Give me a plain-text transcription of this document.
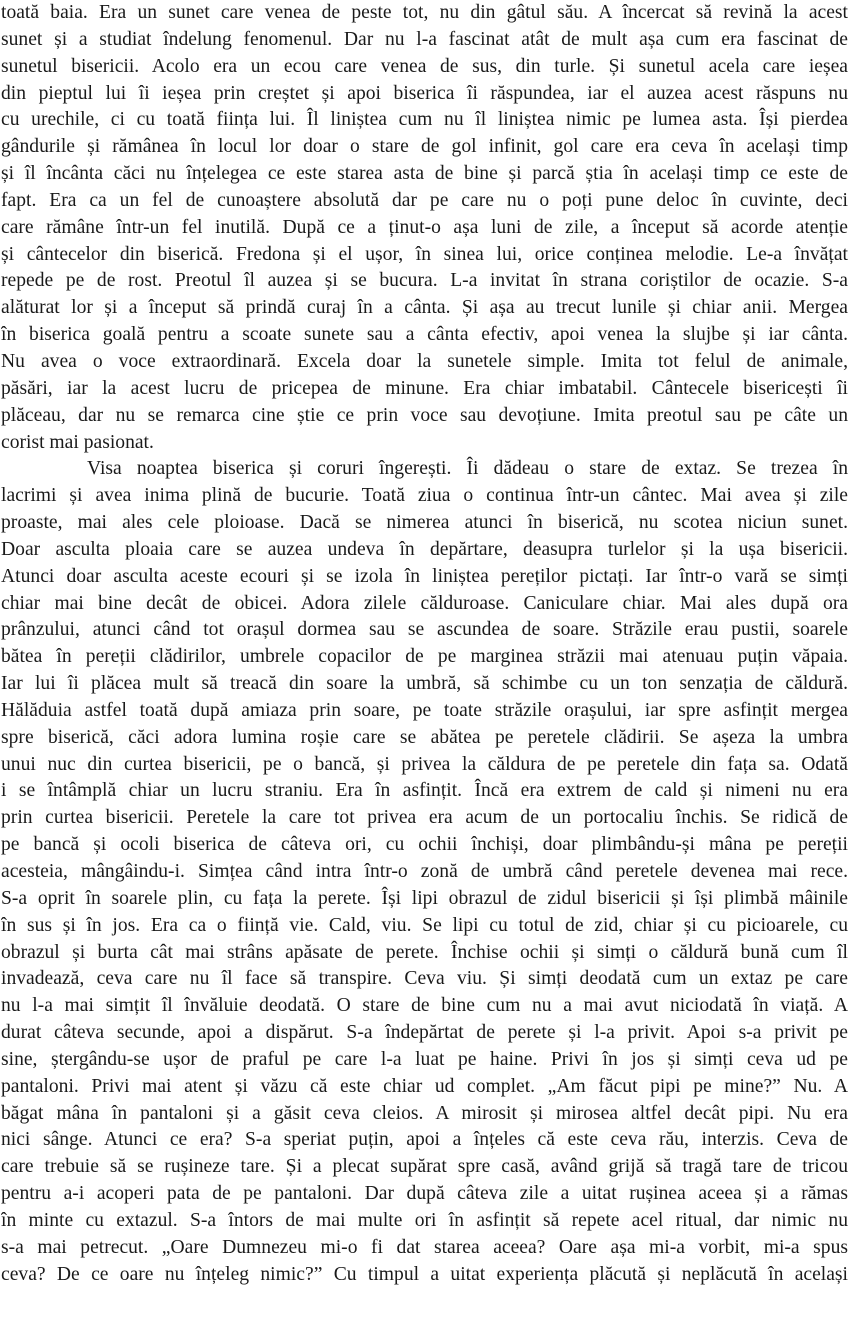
toată baia. Era un sunet care venea de peste tot, nu din gâtul său. A încercat să revină la acest
sunet și a studiat îndelung fenomenul. Dar nu l-a fascinat atât de mult așa cum era fascinat de
sunetul bisericii. Acolo era un ecou care venea de sus, din turle. Și sunetul acela care ieșea
din pieptul lui îi ieșea prin creștet și apoi biserica îi răspundea, iar el auzea acest răspuns nu
cu urechile, ci cu toată ființa lui. Îl liniștea cum nu îl liniștea nimic pe lumea asta. Își pierdea
gândurile și rămânea în locul lor doar o stare de gol infinit, gol care era ceva în același timp
și îl încânta căci nu înțelegea ce este starea asta de bine și parcă știa în același timp ce este de
fapt. Era ca un fel de cunoaștere absolută dar pe care nu o poți pune deloc în cuvinte, deci
care rămâne într-un fel inutilă. După ce a ținut-o așa luni de zile, a început să acorde atenție
și cântecelor din biserică. Fredona și el ușor, în sinea lui, orice conținea melodie. Le-a învățat
repede pe de rost. Preotul îl auzea și se bucura. L-a invitat în strana coriștilor de ocazie. S-a
alăturat lor și a început să prindă curaj în a cânta. Și așa au trecut lunile și chiar anii. Mergea
în biserica goală pentru a scoate sunete sau a cânta efectiv, apoi venea la slujbe și iar cânta.
Nu avea o voce extraordinară. Excela doar la sunetele simple. Imita tot felul de animale,
păsări, iar la acest lucru de pricepea de minune. Era chiar imbatabil. Cântecele bisericești îi
plăceau, dar nu se remarca cine știe ce prin voce sau devoțiune. Imita preotul sau pe câte un
corist mai pasionat.
Visa noaptea biserica și coruri îngerești. Îi dădeau o stare de extaz. Se trezea în
lacrimi și avea inima plină de bucurie. Toată ziua o continua într-un cântec. Mai avea și zile
proaste, mai ales cele ploioase. Dacă se nimerea atunci în biserică, nu scotea niciun sunet.
Doar asculta ploaia care se auzea undeva în depărtare, deasupra turlelor și la ușa bisericii.
Atunci doar asculta aceste ecouri și se izola în liniștea pereților pictați. Iar într-o vară se simți
chiar mai bine decât de obicei. Adora zilele călduroase. Caniculare chiar. Mai ales după ora
prânzului, atunci când tot orașul dormea sau se ascundea de soare. Străzile erau pustii, soarele
bătea în pereții clădirilor, umbrele copacilor de pe marginea străzii mai atenuau puțin văpaia.
Iar lui îi plăcea mult să treacă din soare la umbră, să schimbe cu un ton senzația de căldură.
Hălăduia astfel toată după amiaza prin soare, pe toate străzile orașului, iar spre asfințit mergea
spre biserică, căci adora lumina roșie care se abătea pe peretele clădirii. Se așeza la umbra
unui nuc din curtea bisericii, pe o bancă, și privea la căldura de pe peretele din fața sa. Odată
i se întâmplă chiar un lucru straniu. Era în asfințit. Încă era extrem de cald și nimeni nu era
prin curtea bisericii. Peretele la care tot privea era acum de un portocaliu închis. Se ridică de
pe bancă și ocoli biserica de câteva ori, cu ochii închiși, doar plimbându-și mâna pe pereții
acesteia, mângâindu-i. Simțea când intra într-o zonă de umbră când peretele devenea mai rece.
S-a oprit în soarele plin, cu fața la perete. Își lipi obrazul de zidul bisericii și își plimbă mâinile
în sus și în jos. Era ca o ființă vie. Cald, viu. Se lipi cu totul de zid, chiar și cu picioarele, cu
obrazul și burta cât mai strâns apăsate de perete. Închise ochii și simți o căldură bună cum îl
invadează, ceva care nu îl face să transpire. Ceva viu. Și simți deodată cum un extaz pe care
nu l-a mai simțit îl învăluie deodată. O stare de bine cum nu a mai avut niciodată în viață. A
durat câteva secunde, apoi a dispărut. S-a îndepărtat de perete și l-a privit. Apoi s-a privit pe
sine, ștergându-se ușor de praful pe care l-a luat pe haine. Privi în jos și simți ceva ud pe
pantaloni. Privi mai atent și văzu că este chiar ud complet. „Am făcut pipi pe mine?” Nu. A
băgat mâna în pantaloni și a găsit ceva cleios. A mirosit și mirosea altfel decât pipi. Nu era
nici sânge. Atunci ce era? S-a speriat puțin, apoi a înțeles că este ceva rău, interzis. Ceva de
care trebuie să se rușineze tare. Și a plecat supărat spre casă, având grijă să tragă tare de tricou
pentru a-i acoperi pata de pe pantaloni. Dar după câteva zile a uitat rușinea aceea și a rămas
în minte cu extazul. S-a întors de mai multe ori în asfințit să repete acel ritual, dar nimic nu
s-a mai petrecut. „Oare Dumnezeu mi-o fi dat starea aceea? Oare așa mi-a vorbit, mi-a spus
ceva? De ce oare nu înțeleg nimic?” Cu timpul a uitat experiența plăcută și neplăcută în același
